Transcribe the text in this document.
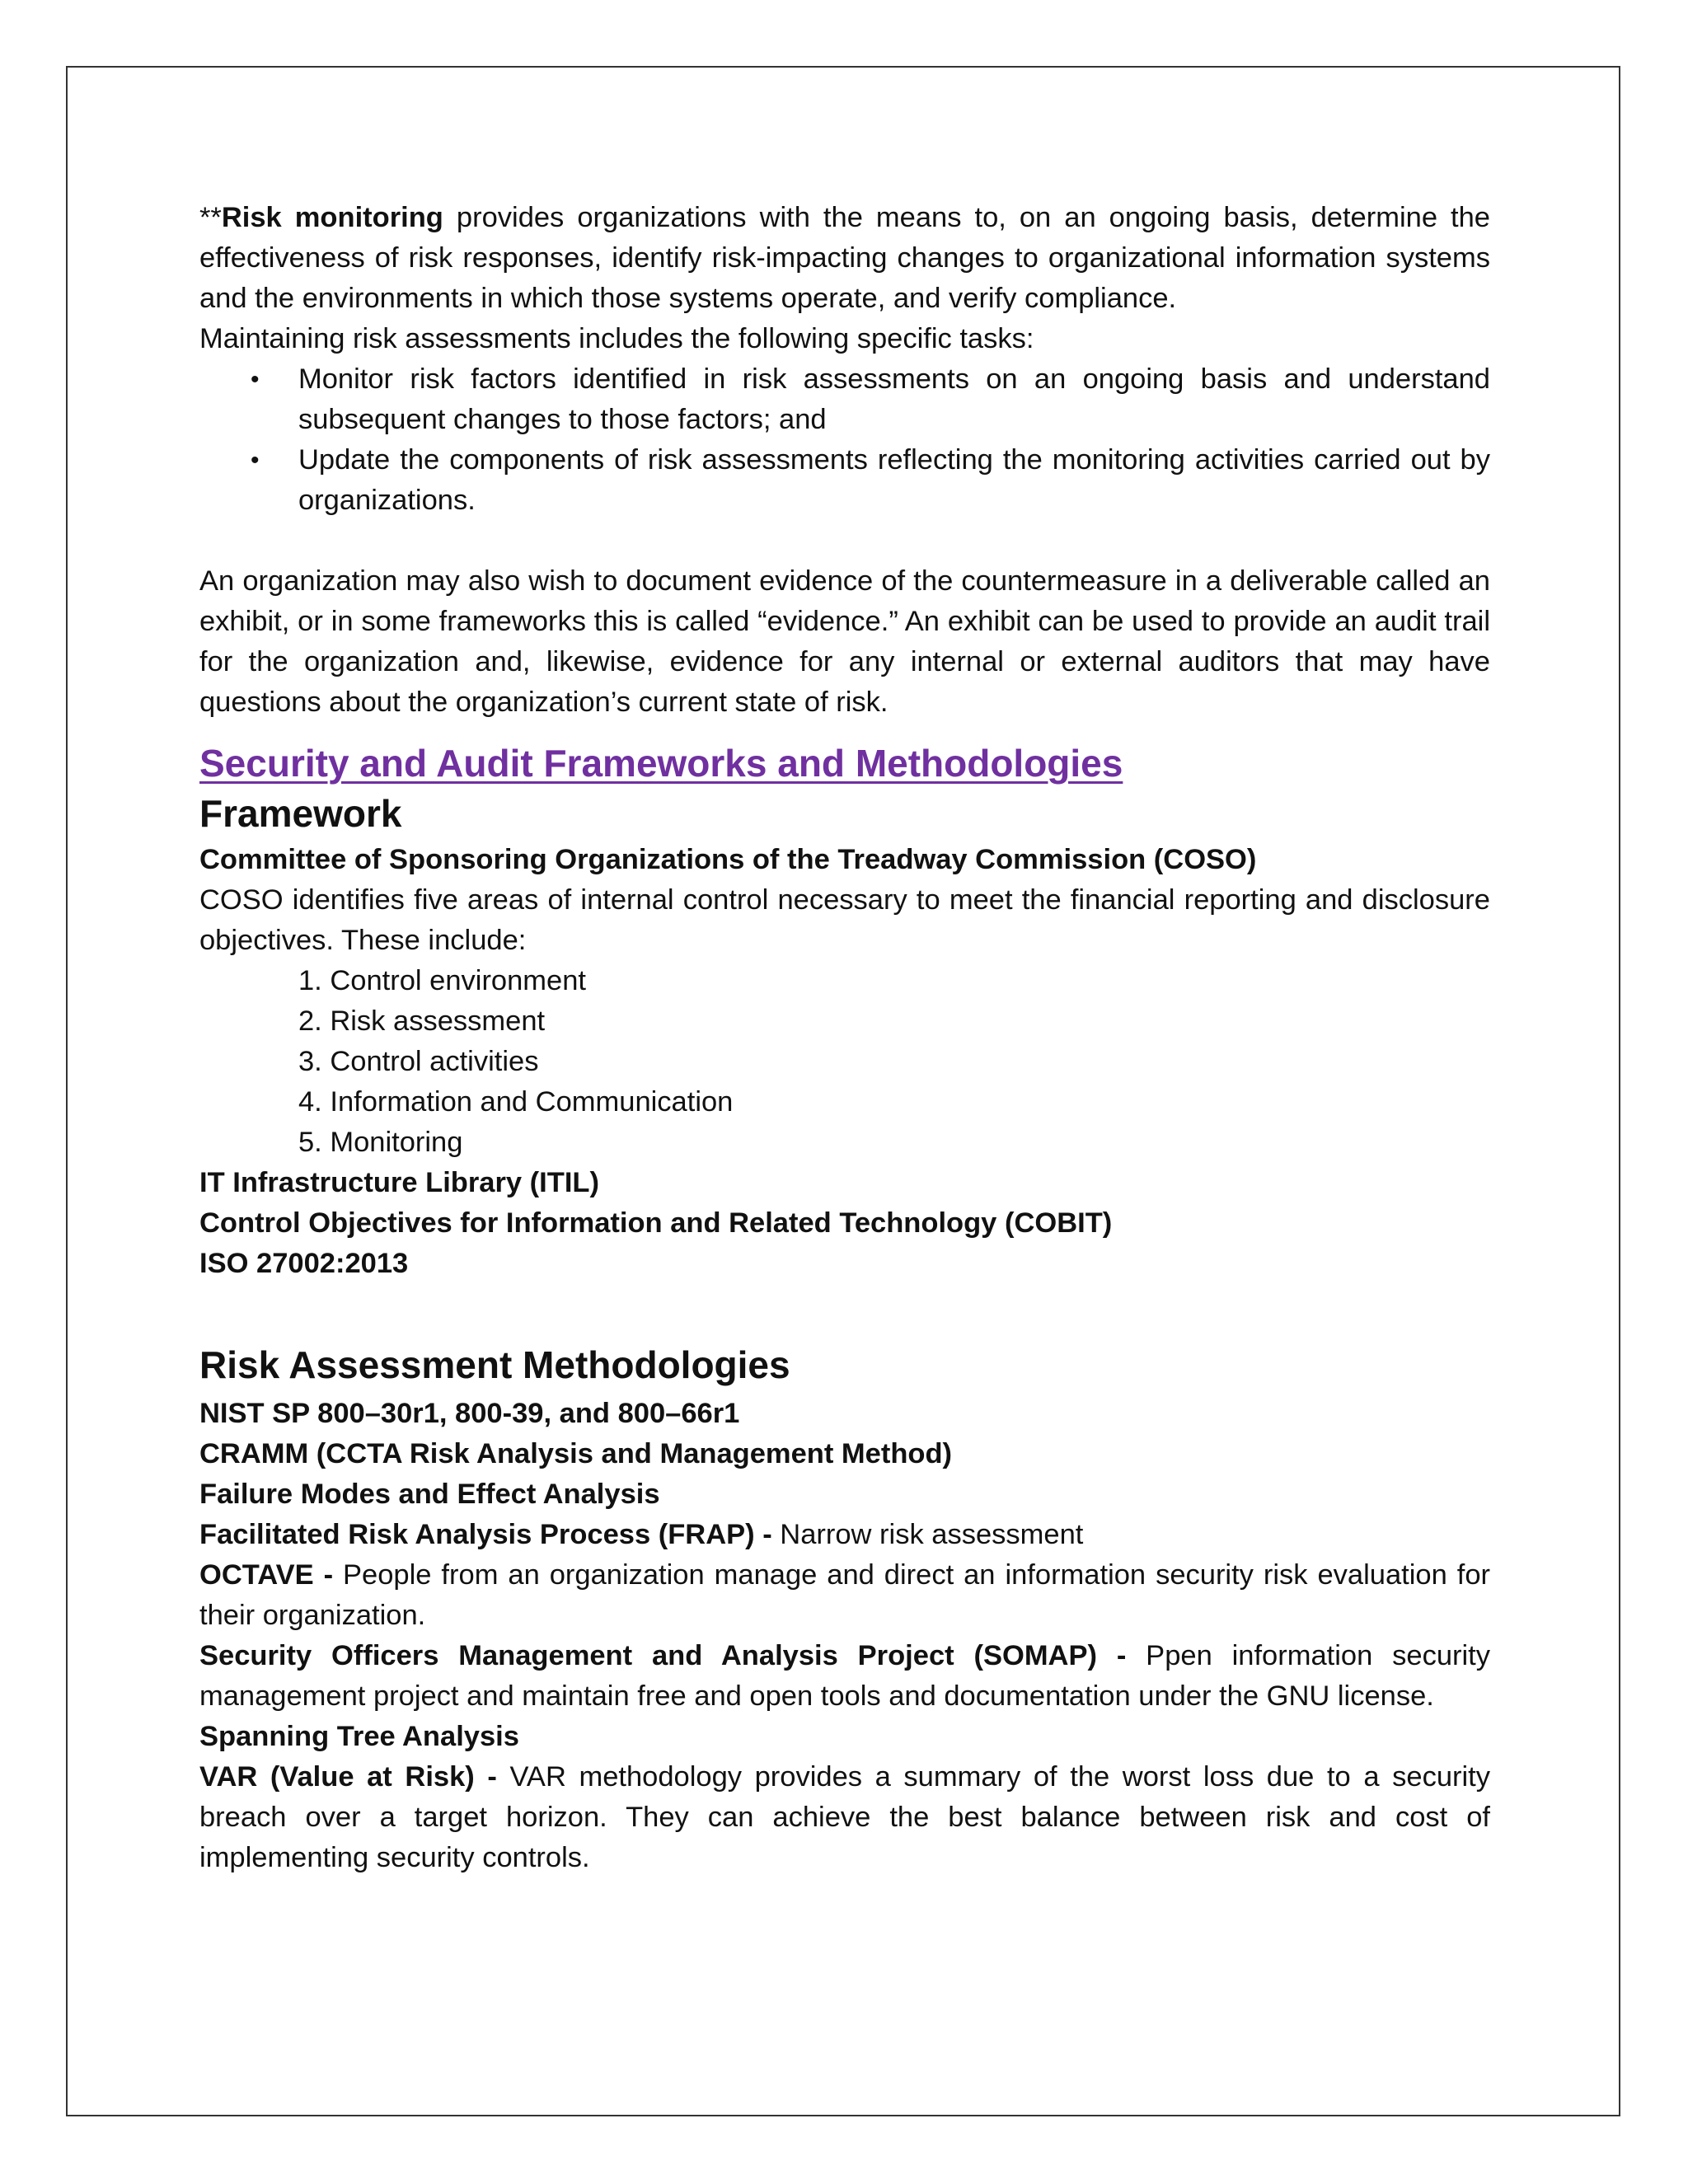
**Risk monitoring provides organizations with the means to, on an ongoing basis, determine the effectiveness of risk responses, identify risk-impacting changes to organizational information systems and the environments in which those systems operate, and verify compliance.

Maintaining risk assessments includes the following specific tasks:

• Monitor risk factors identified in risk assessments on an ongoing basis and understand subsequent changes to those factors; and
• Update the components of risk assessments reflecting the monitoring activities carried out by organizations.

An organization may also wish to document evidence of the countermeasure in a deliverable called an exhibit, or in some frameworks this is called “evidence.” An exhibit can be used to provide an audit trail for the organization and, likewise, evidence for any internal or external auditors that may have questions about the organization’s current state of risk.

Security and Audit Frameworks and Methodologies
Framework

Committee of Sponsoring Organizations of the Treadway Commission (COSO)

COSO identifies five areas of internal control necessary to meet the financial reporting and disclosure objectives. These include:

1. Control environment
2. Risk assessment
3. Control activities
4. Information and Communication
5. Monitoring

IT Infrastructure Library (ITIL)

Control Objectives for Information and Related Technology (COBIT)

ISO 27002:2013

Risk Assessment Methodologies

NIST SP 800–30r1, 800-39, and 800–66r1

CRAMM (CCTA Risk Analysis and Management Method)

Failure Modes and Effect Analysis

Facilitated Risk Analysis Process (FRAP) - Narrow risk assessment

OCTAVE - People from an organization manage and direct an information security risk evaluation for their organization.

Security Officers Management and Analysis Project (SOMAP) - Ppen information security management project and maintain free and open tools and documentation under the GNU license.

Spanning Tree Analysis

VAR (Value at Risk) - VAR methodology provides a summary of the worst loss due to a security breach over a target horizon. They can achieve the best balance between risk and cost of implementing security controls.
